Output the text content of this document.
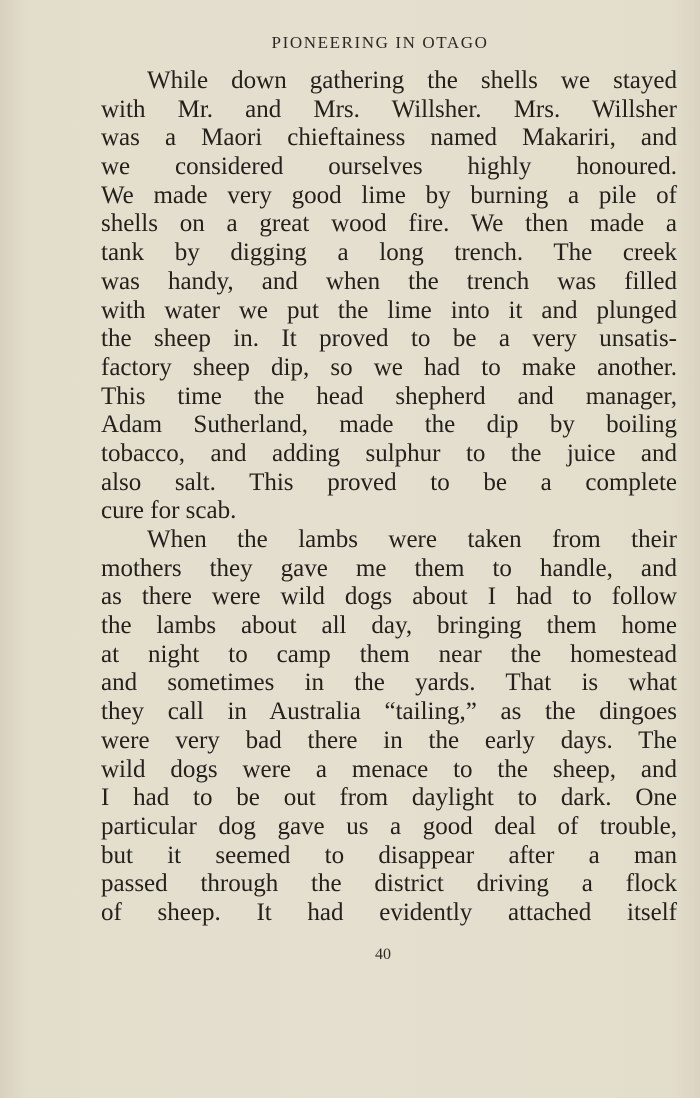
PIONEERING IN OTAGO
While down gathering the shells we stayed
with Mr. and Mrs. Willsher. Mrs. Willsher
was a Maori chieftainess named Makariri, and
we considered ourselves highly honoured.
We made very good lime by burning a pile of
shells on a great wood fire. We then made a
tank by digging a long trench. The creek
was handy, and when the trench was filled
with water we put the lime into it and plunged
the sheep in. It proved to be a very unsatis-
factory sheep dip, so we had to make another.
This time the head shepherd and manager,
Adam Sutherland, made the dip by boiling
tobacco, and adding sulphur to the juice and
also salt. This proved to be a complete
cure for scab.
When the lambs were taken from their
mothers they gave me them to handle, and
as there were wild dogs about I had to follow
the lambs about all day, bringing them home
at night to camp them near the homestead
and sometimes in the yards. That is what
they call in Australia “tailing,” as the dingoes
were very bad there in the early days. The
wild dogs were a menace to the sheep, and
I had to be out from daylight to dark. One
particular dog gave us a good deal of trouble,
but it seemed to disappear after a man
passed through the district driving a flock
of sheep. It had evidently attached itself
40
